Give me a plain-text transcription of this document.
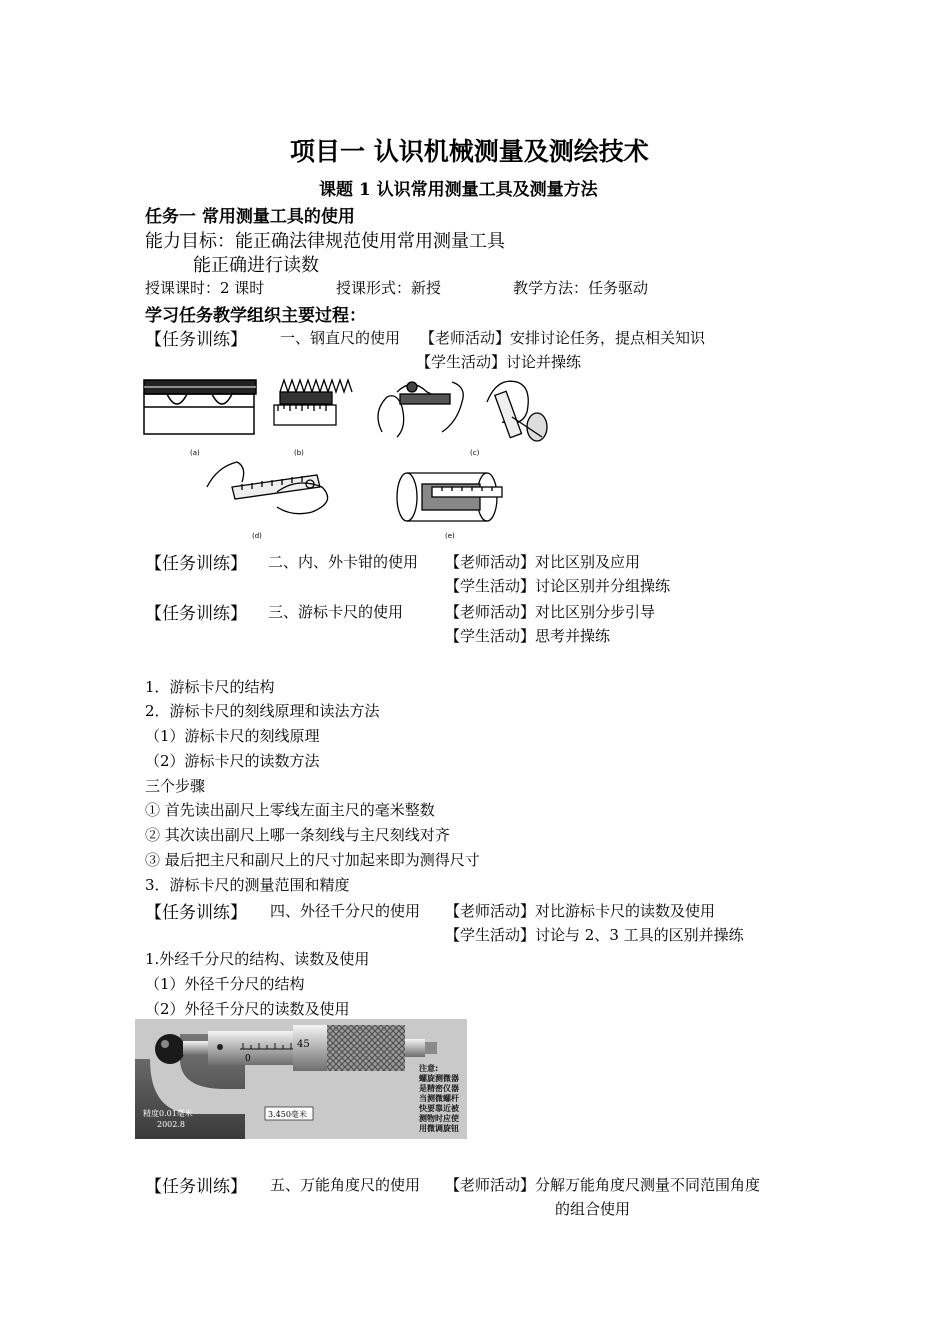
项目一 认识机械测量及测绘技术
课题 1 认识常用测量工具及测量方法
任务一 常用测量工具的使用
能力目标：能正确法律规范使用常用测量工具
能正确进行读数
授课课时：2 课时	授课形式：新授	教学方法：任务驱动
学习任务教学组织主要过程：
【任务训练】 一、钢直尺的使用 【老师活动】安排讨论任务，提点相关知识
【学生活动】讨论并操练
(a)	(b)	(c)
(d)	(e)
【任务训练】 二、内、外卡钳的使用 【老师活动】对比区别及应用
【学生活动】讨论区别并分组操练
【任务训练】 三、游标卡尺的使用	【老师活动】对比区别分步引导
【学生活动】思考并操练
1．游标卡尺的结构
2．游标卡尺的刻线原理和读法方法
（1）游标卡尺的刻线原理
（2）游标卡尺的读数方法
三个步骤
① 首先读出副尺上零线左面主尺的毫米整数
② 其次读出副尺上哪一条刻线与主尺刻线对齐
③ 最后把主尺和副尺上的尺寸加起来即为测得尺寸
3．游标卡尺的测量范围和精度
【任务训练】 四、外径千分尺的使用 【老师活动】对比游标卡尺的读数及使用
【学生活动】讨论与 2、3 工具的区别并操练
1.外经千分尺的结构、读数及使用
（1）外径千分尺的结构
（2）外径千分尺的读数及使用
0
45
精度0.01毫米
2002.8
3.450毫米
注意:
螺旋测微器
是精密仪器
当测微螺杆
快要靠近被
测物时应使
用微调旋钮
【任务训练】 五、万能角度尺的使用 【老师活动】分解万能角度尺测量不同范围角度
的组合使用
